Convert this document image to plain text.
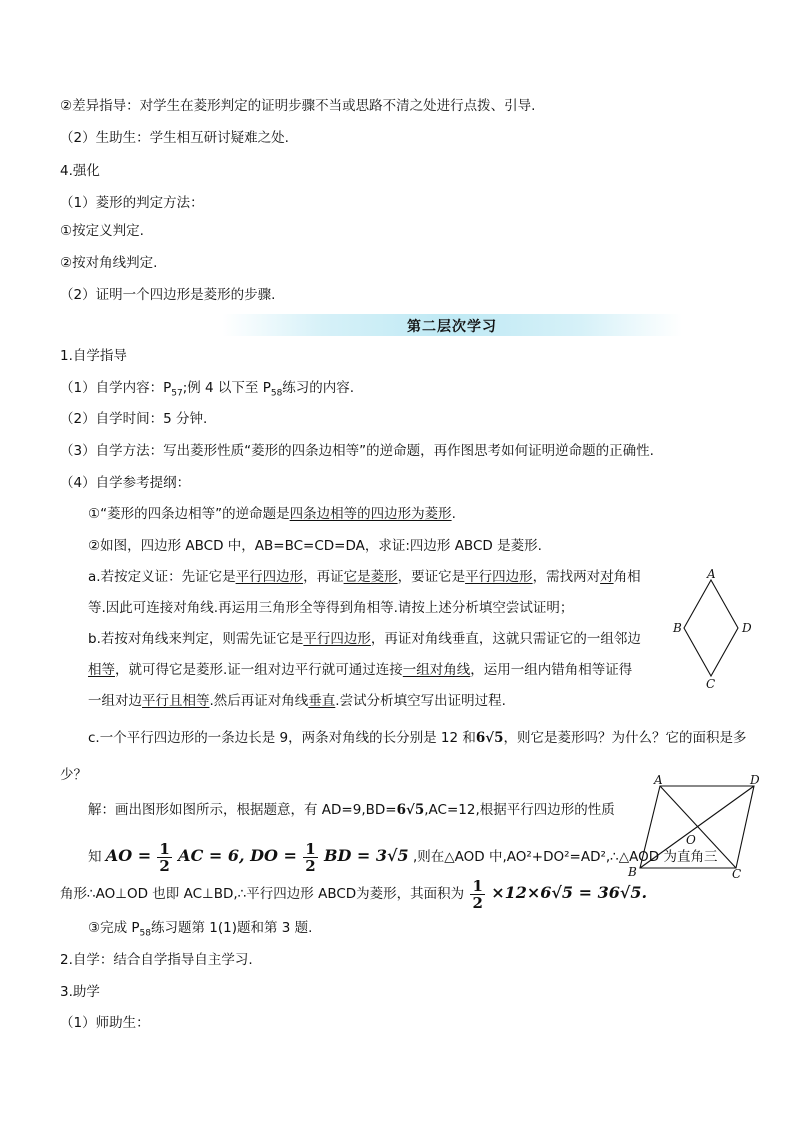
②差异指导：对学生在菱形判定的证明步骤不当或思路不清之处进行点拨、引导.
（2）生助生：学生相互研讨疑难之处.
4.强化
（1）菱形的判定方法：
①按定义判定.
②按对角线判定.
（2）证明一个四边形是菱形的步骤.
第二层次学习
1.自学指导
（1）自学内容：$P_{57}$;例 4 以下至 $P_{58}$练习的内容.
（2）自学时间：5 分钟.
（3）自学方法：写出菱形性质“菱形的四条边相等”的逆命题，再作图思考如何证明逆命题的正确性.
（4）自学参考提纲：
①“菱形的四条边相等”的逆命题是四条边相等的四边形为菱形.
②如图，四边形 ABCD 中，AB=BC=CD=DA，求证:四边形 ABCD 是菱形.
a.若按定义证：先证它是平行四边形，再证它是菱形，要证它是平行四边形，需找两对对角相
等.因此可连接对角线.再运用三角形全等得到角相等.请按上述分析填空尝试证明；
b.若按对角线来判定，则需先证它是平行四边形，再证对角线垂直，这就只需证它的一组邻边
相等，就可得它是菱形.证一组对边平行就可通过连接一组对角线，运用一组内错角相等证得
一组对边平行且相等.然后再证对角线垂直.尝试分析填空写出证明过程.
A
B
C
D
c.一个平行四边形的一条边长是 9，两条对角线的长分别是 12 和6√5，则它是菱形吗？为什么？它的面积是多
少？
解：画出图形如图所示，根据题意，有 AD=9,BD=6√5,AC=12,根据平行四边形的性质
知 AO = $\frac{1}{2}$ AC = 6, DO = $\frac{1}{2}$ BD = 3√5 ,则在△AOD 中,AO²+DO²=AD²,∴△AOD 为直角三
角形∴AO⊥OD 也即 AC⊥BD,∴平行四边形 ABCD为菱形，其面积为 $\frac{1}{2} \times 12\times 6√5 = 36√5$.
A	D
B	C
O
③完成 $P_{58}$练习题第 1(1)题和第 3 题.
2.自学：结合自学指导自主学习.
3.助学
（1）师助生：
